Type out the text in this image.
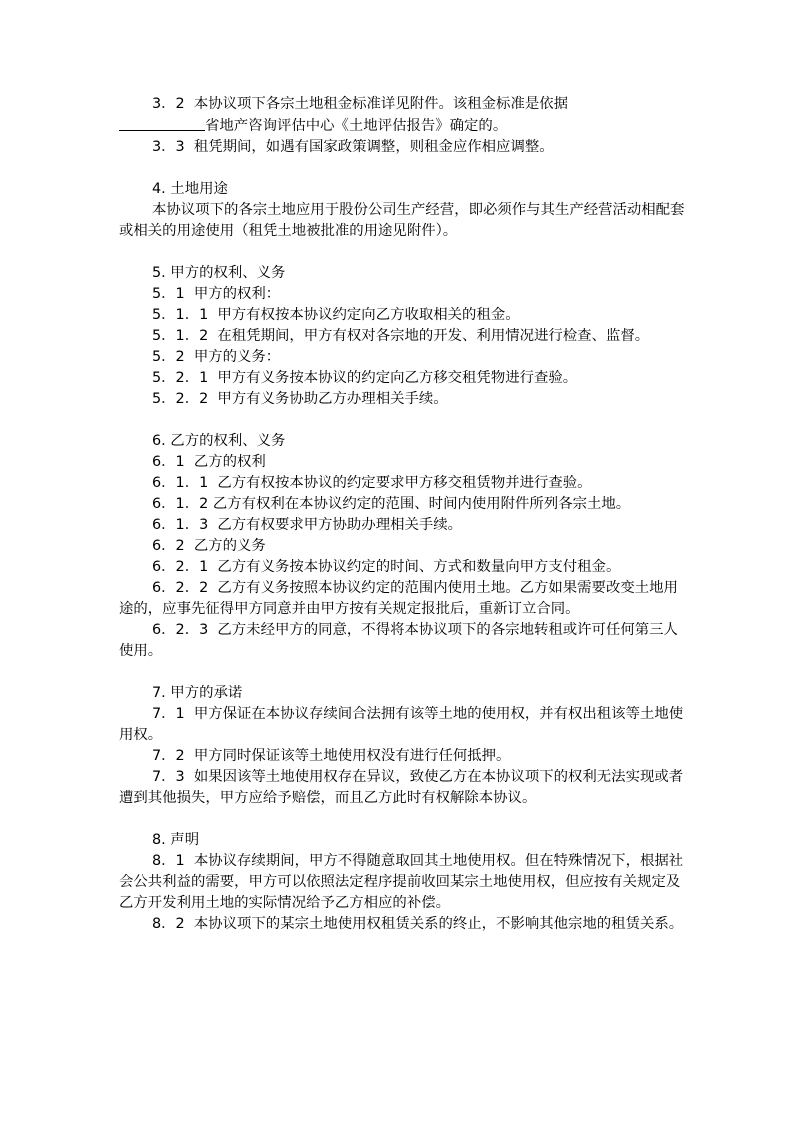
3．2  本协议项下各宗土地租金标准详见附件。该租金标准是依据

省地产咨询评估中心《土地评估报告》确定的。

3．3  租凭期间，如遇有国家政策调整，则租金应作相应调整。

4. 土地用途

本协议项下的各宗土地应用于股份公司生产经营，即必须作与其生产经营活动相配套或相关的用途使用（租凭土地被批准的用途见附件）。

5. 甲方的权利、义务

5．1  甲方的权利：

5．1．1  甲方有权按本协议约定向乙方收取相关的租金。

5．1．2  在租凭期间，甲方有权对各宗地的开发、利用情况进行检查、监督。

5．2  甲方的义务：

5．2．1  甲方有义务按本协议的约定向乙方移交租凭物进行查验。

5．2．2  甲方有义务协助乙方办理相关手续。

6. 乙方的权利、义务

6．1  乙方的权利

6．1．1  乙方有权按本协议的约定要求甲方移交租赁物并进行查验。

6．1．2 乙方有权利在本协议约定的范围、时间内使用附件所列各宗土地。

6．1．3  乙方有权要求甲方协助办理相关手续。

6．2  乙方的义务

6．2．1  乙方有义务按本协议约定的时间、方式和数量向甲方支付租金。

6．2．2  乙方有义务按照本协议约定的范围内使用土地。乙方如果需要改变土地用途的，应事先征得甲方同意并由甲方按有关规定报批后，重新订立合同。

6．2．3  乙方未经甲方的同意，不得将本协议项下的各宗地转租或许可任何第三人使用。

7. 甲方的承诺

7．1  甲方保证在本协议存续间合法拥有该等土地的使用权，并有权出租该等土地使用权。

7．2  甲方同时保证该等土地使用权没有进行任何抵押。

7．3  如果因该等土地使用权存在异议，致使乙方在本协议项下的权利无法实现或者遭到其他损失，甲方应给予赔偿，而且乙方此时有权解除本协议。

8. 声明

8．1  本协议存续期间，甲方不得随意取回其土地使用权。但在特殊情况下，根据社会公共利益的需要，甲方可以依照法定程序提前收回某宗土地使用权，但应按有关规定及乙方开发利用土地的实际情况给予乙方相应的补偿。

8．2  本协议项下的某宗土地使用权租赁关系的终止，不影响其他宗地的租赁关系。
